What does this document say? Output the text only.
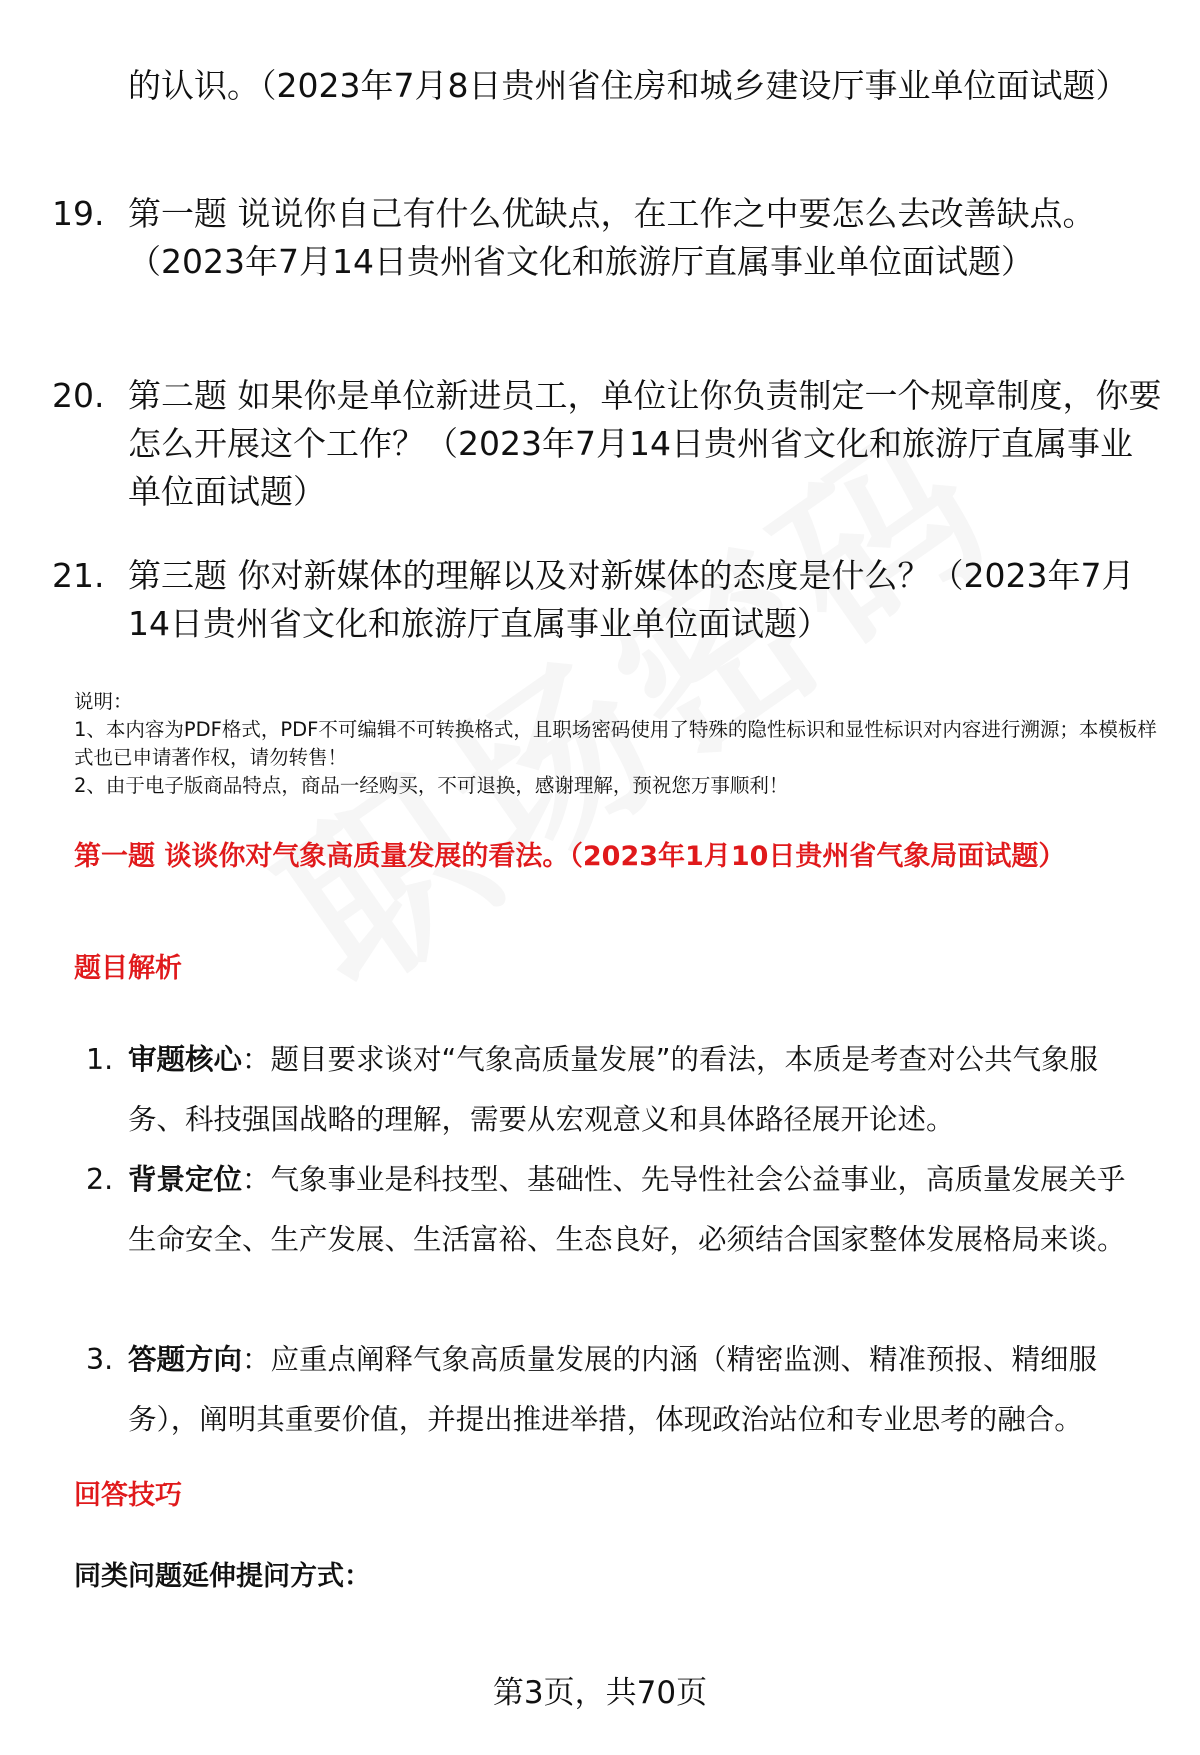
的认识。（2023年7月8日贵州省住房和城乡建设厅事业单位面试题）
19. 第一题 说说你自己有什么优缺点，在工作之中要怎么去改善缺点。（2023年7月14日贵州省文化和旅游厅直属事业单位面试题）
20. 第二题 如果你是单位新进员工，单位让你负责制定一个规章制度，你要怎么开展这个工作？（2023年7月14日贵州省文化和旅游厅直属事业单位面试题）
21. 第三题 你对新媒体的理解以及对新媒体的态度是什么？（2023年7月14日贵州省文化和旅游厅直属事业单位面试题）
说明：
1、本内容为PDF格式，PDF不可编辑不可转换格式，且职场密码使用了特殊的隐性标识和显性标识对内容进行溯源；本模板样式也已申请著作权，请勿转售！
2、由于电子版商品特点，商品一经购买，不可退换，感谢理解，预祝您万事顺利！
第一题 谈谈你对气象高质量发展的看法。（2023年1月10日贵州省气象局面试题）
题目解析
1. 审题核心：题目要求谈对“气象高质量发展”的看法，本质是考查对公共气象服务、科技强国战略的理解，需要从宏观意义和具体路径展开论述。
2. 背景定位：气象事业是科技型、基础性、先导性社会公益事业，高质量发展关乎生命安全、生产发展、生活富裕、生态良好，必须结合国家整体发展格局来谈。
3. 答题方向：应重点阐释气象高质量发展的内涵（精密监测、精准预报、精细服务），阐明其重要价值，并提出推进举措，体现政治站位和专业思考的融合。
回答技巧
同类问题延伸提问方式：
第3页，共70页
